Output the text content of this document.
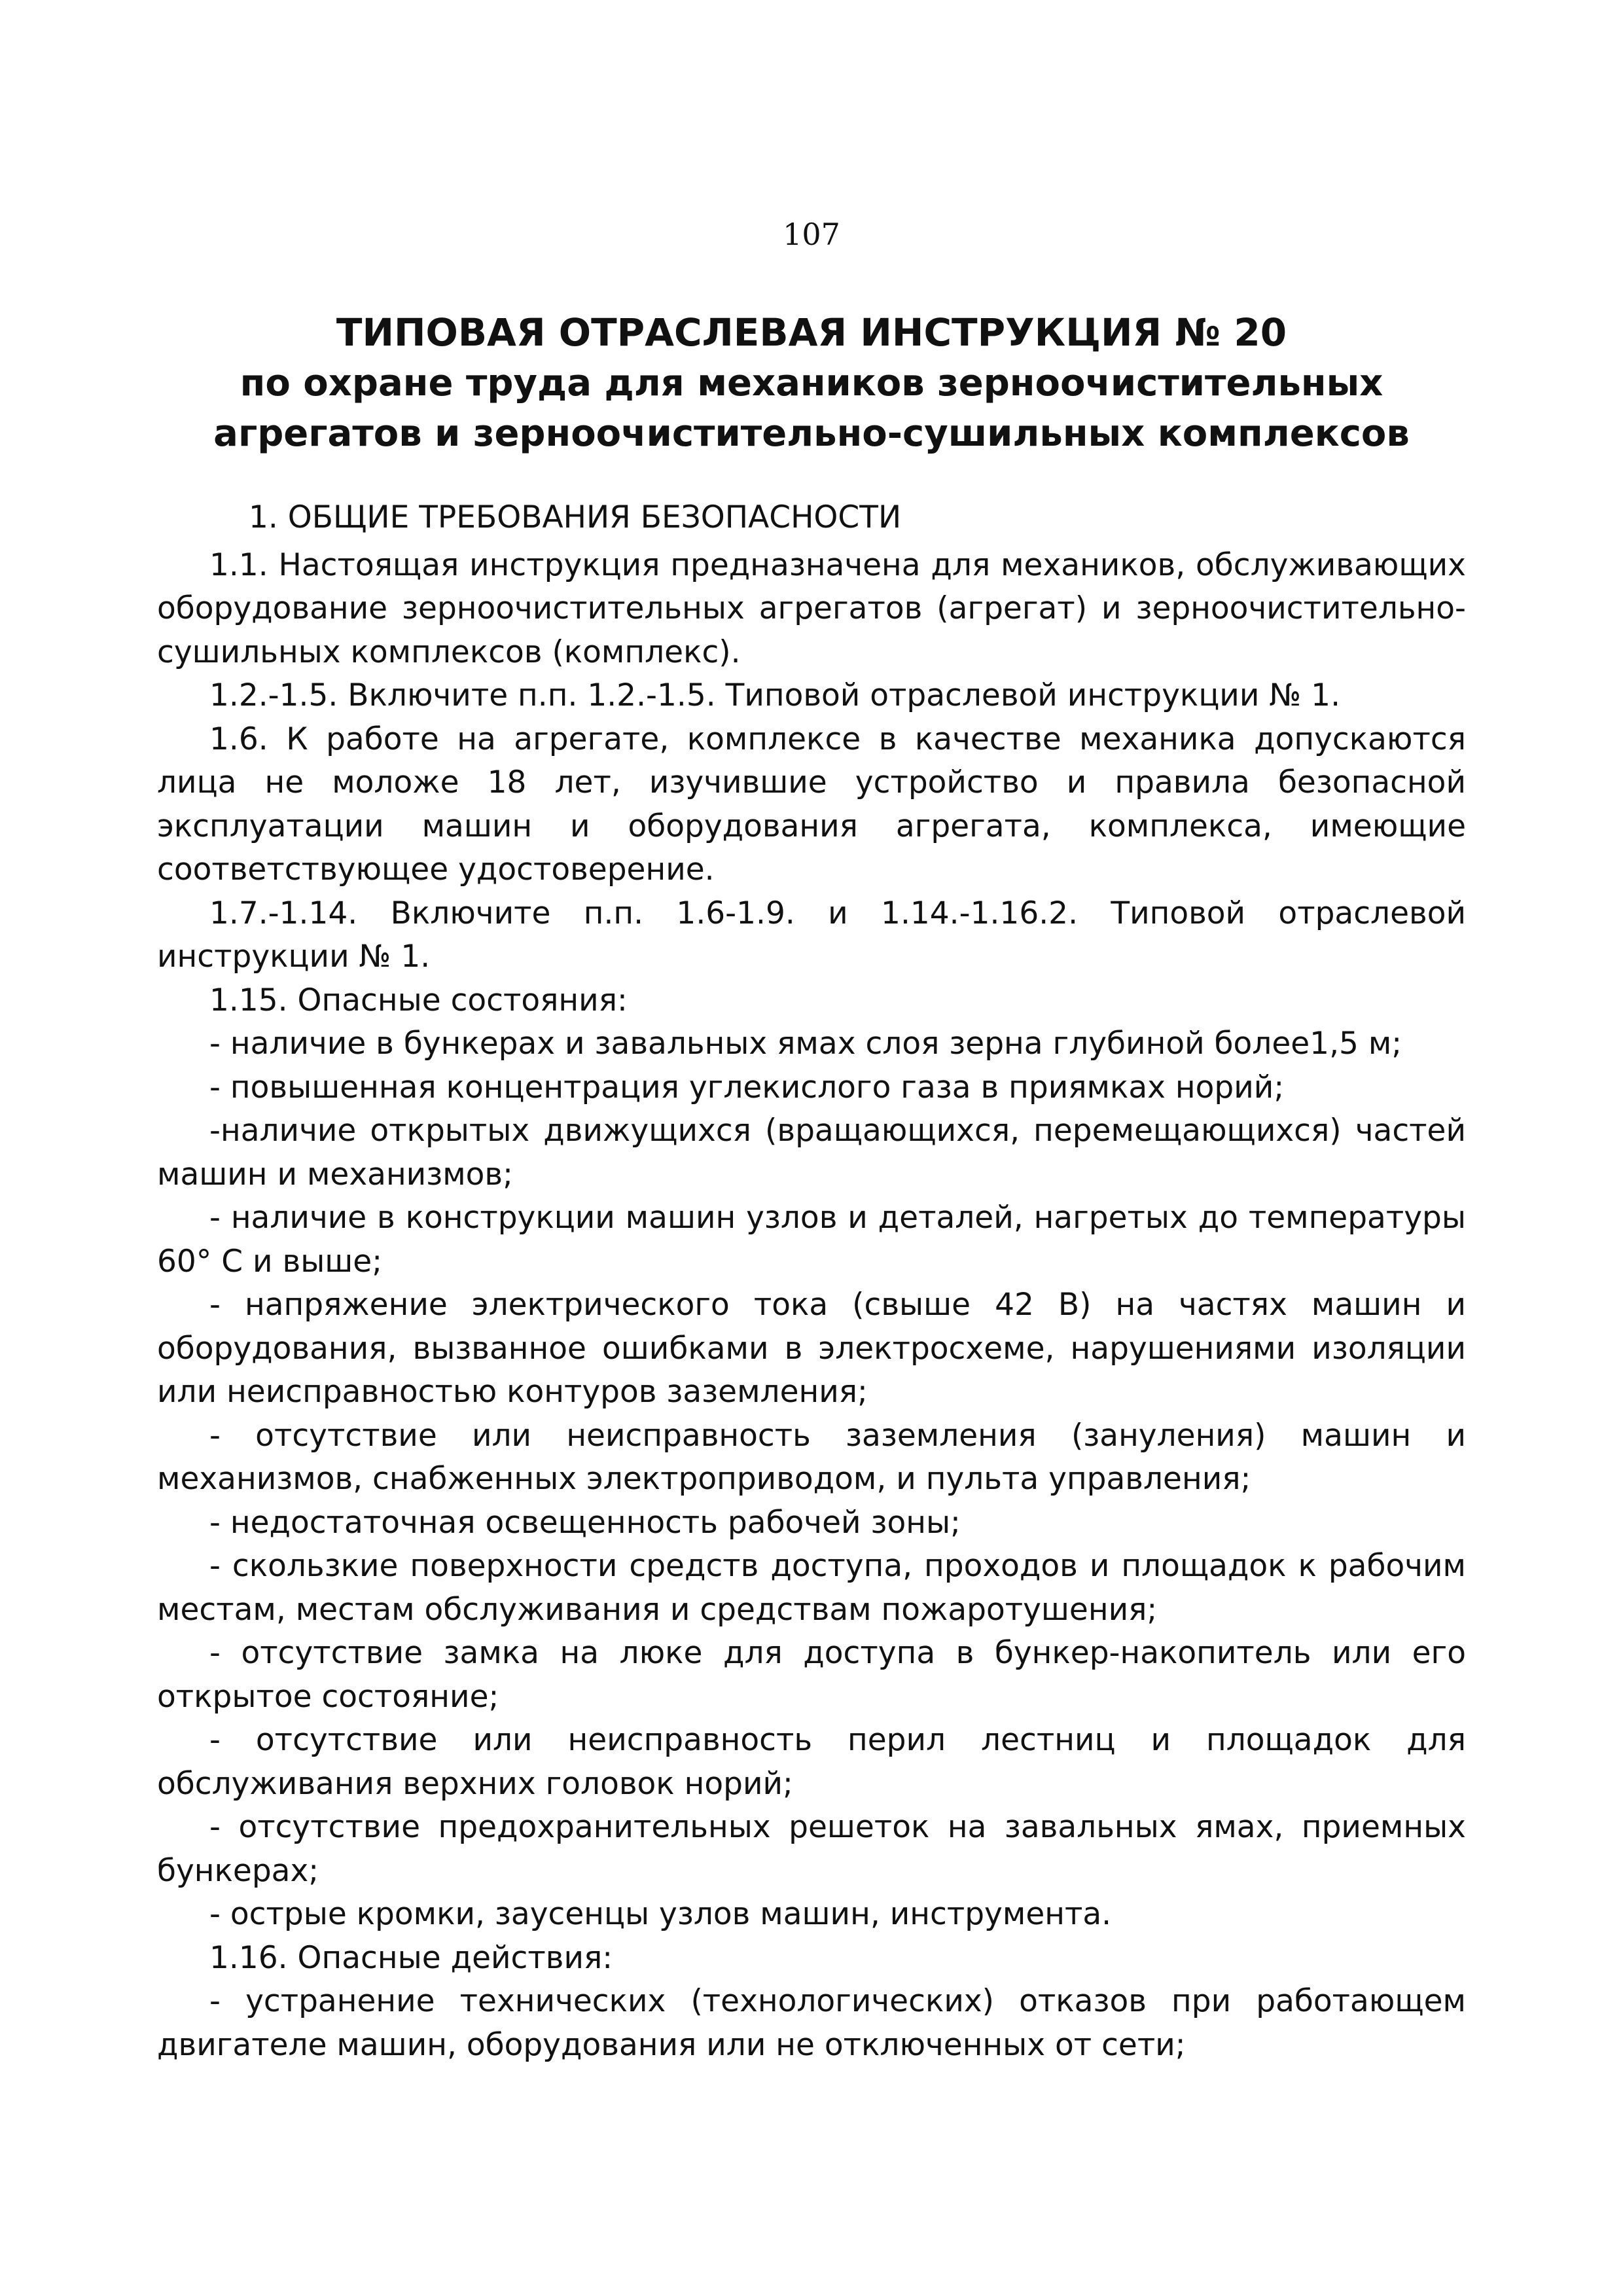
107
ТИПОВАЯ ОТРАСЛЕВАЯ ИНСТРУКЦИЯ № 20
по охране труда для механиков зерноочистительных агрегатов и зерноочистительно-сушильных комплексов

1. ОБЩИЕ ТРЕБОВАНИЯ БЕЗОПАСНОСТИ

1.1. Настоящая инструкция предназначена для механиков, обслуживающих оборудование зерноочистительных агрегатов (агрегат) и зерноочистительно-сушильных комплексов (комплекс).

1.2.-1.5. Включите п.п. 1.2.-1.5. Типовой отраслевой инструкции № 1.

1.6. К работе на агрегате, комплексе в качестве механика допускаются лица не моложе 18 лет, изучившие устройство и правила безопасной эксплуатации машин и оборудования агрегата, комплекса, имеющие соответствующее удостоверение.

1.7.-1.14. Включите п.п. 1.6-1.9. и 1.14.-1.16.2. Типовой отраслевой инструкции № 1.

1.15. Опасные состояния:

- наличие в бункерах и завальных ямах слоя зерна глубиной более1,5 м;

- повышенная концентрация углекислого газа в приямках норий;

-наличие открытых движущихся (вращающихся, перемещающихся) частей машин и механизмов;

- наличие в конструкции машин узлов и деталей, нагретых до температуры 60° С и выше;

- напряжение электрического тока (свыше 42 В) на частях машин и оборудования, вызванное ошибками в электросхеме, нарушениями изоляции или неисправностью контуров заземления;

- отсутствие или неисправность заземления (зануления) машин и механизмов, снабженных электроприводом, и пульта управления;

- недостаточная освещенность рабочей зоны;

- скользкие поверхности средств доступа, проходов и площадок к рабочим местам, местам обслуживания и средствам пожаротушения;

- отсутствие замка на люке для доступа в бункер-накопитель или его открытое состояние;

- отсутствие или неисправность перил лестниц и площадок для обслуживания верхних головок норий;

- отсутствие предохранительных решеток на завальных ямах, приемных бункерах;

- острые кромки, заусенцы узлов машин, инструмента.

1.16. Опасные действия:

- устранение технических (технологических) отказов при работающем двигателе машин, оборудования или не отключенных от сети;
